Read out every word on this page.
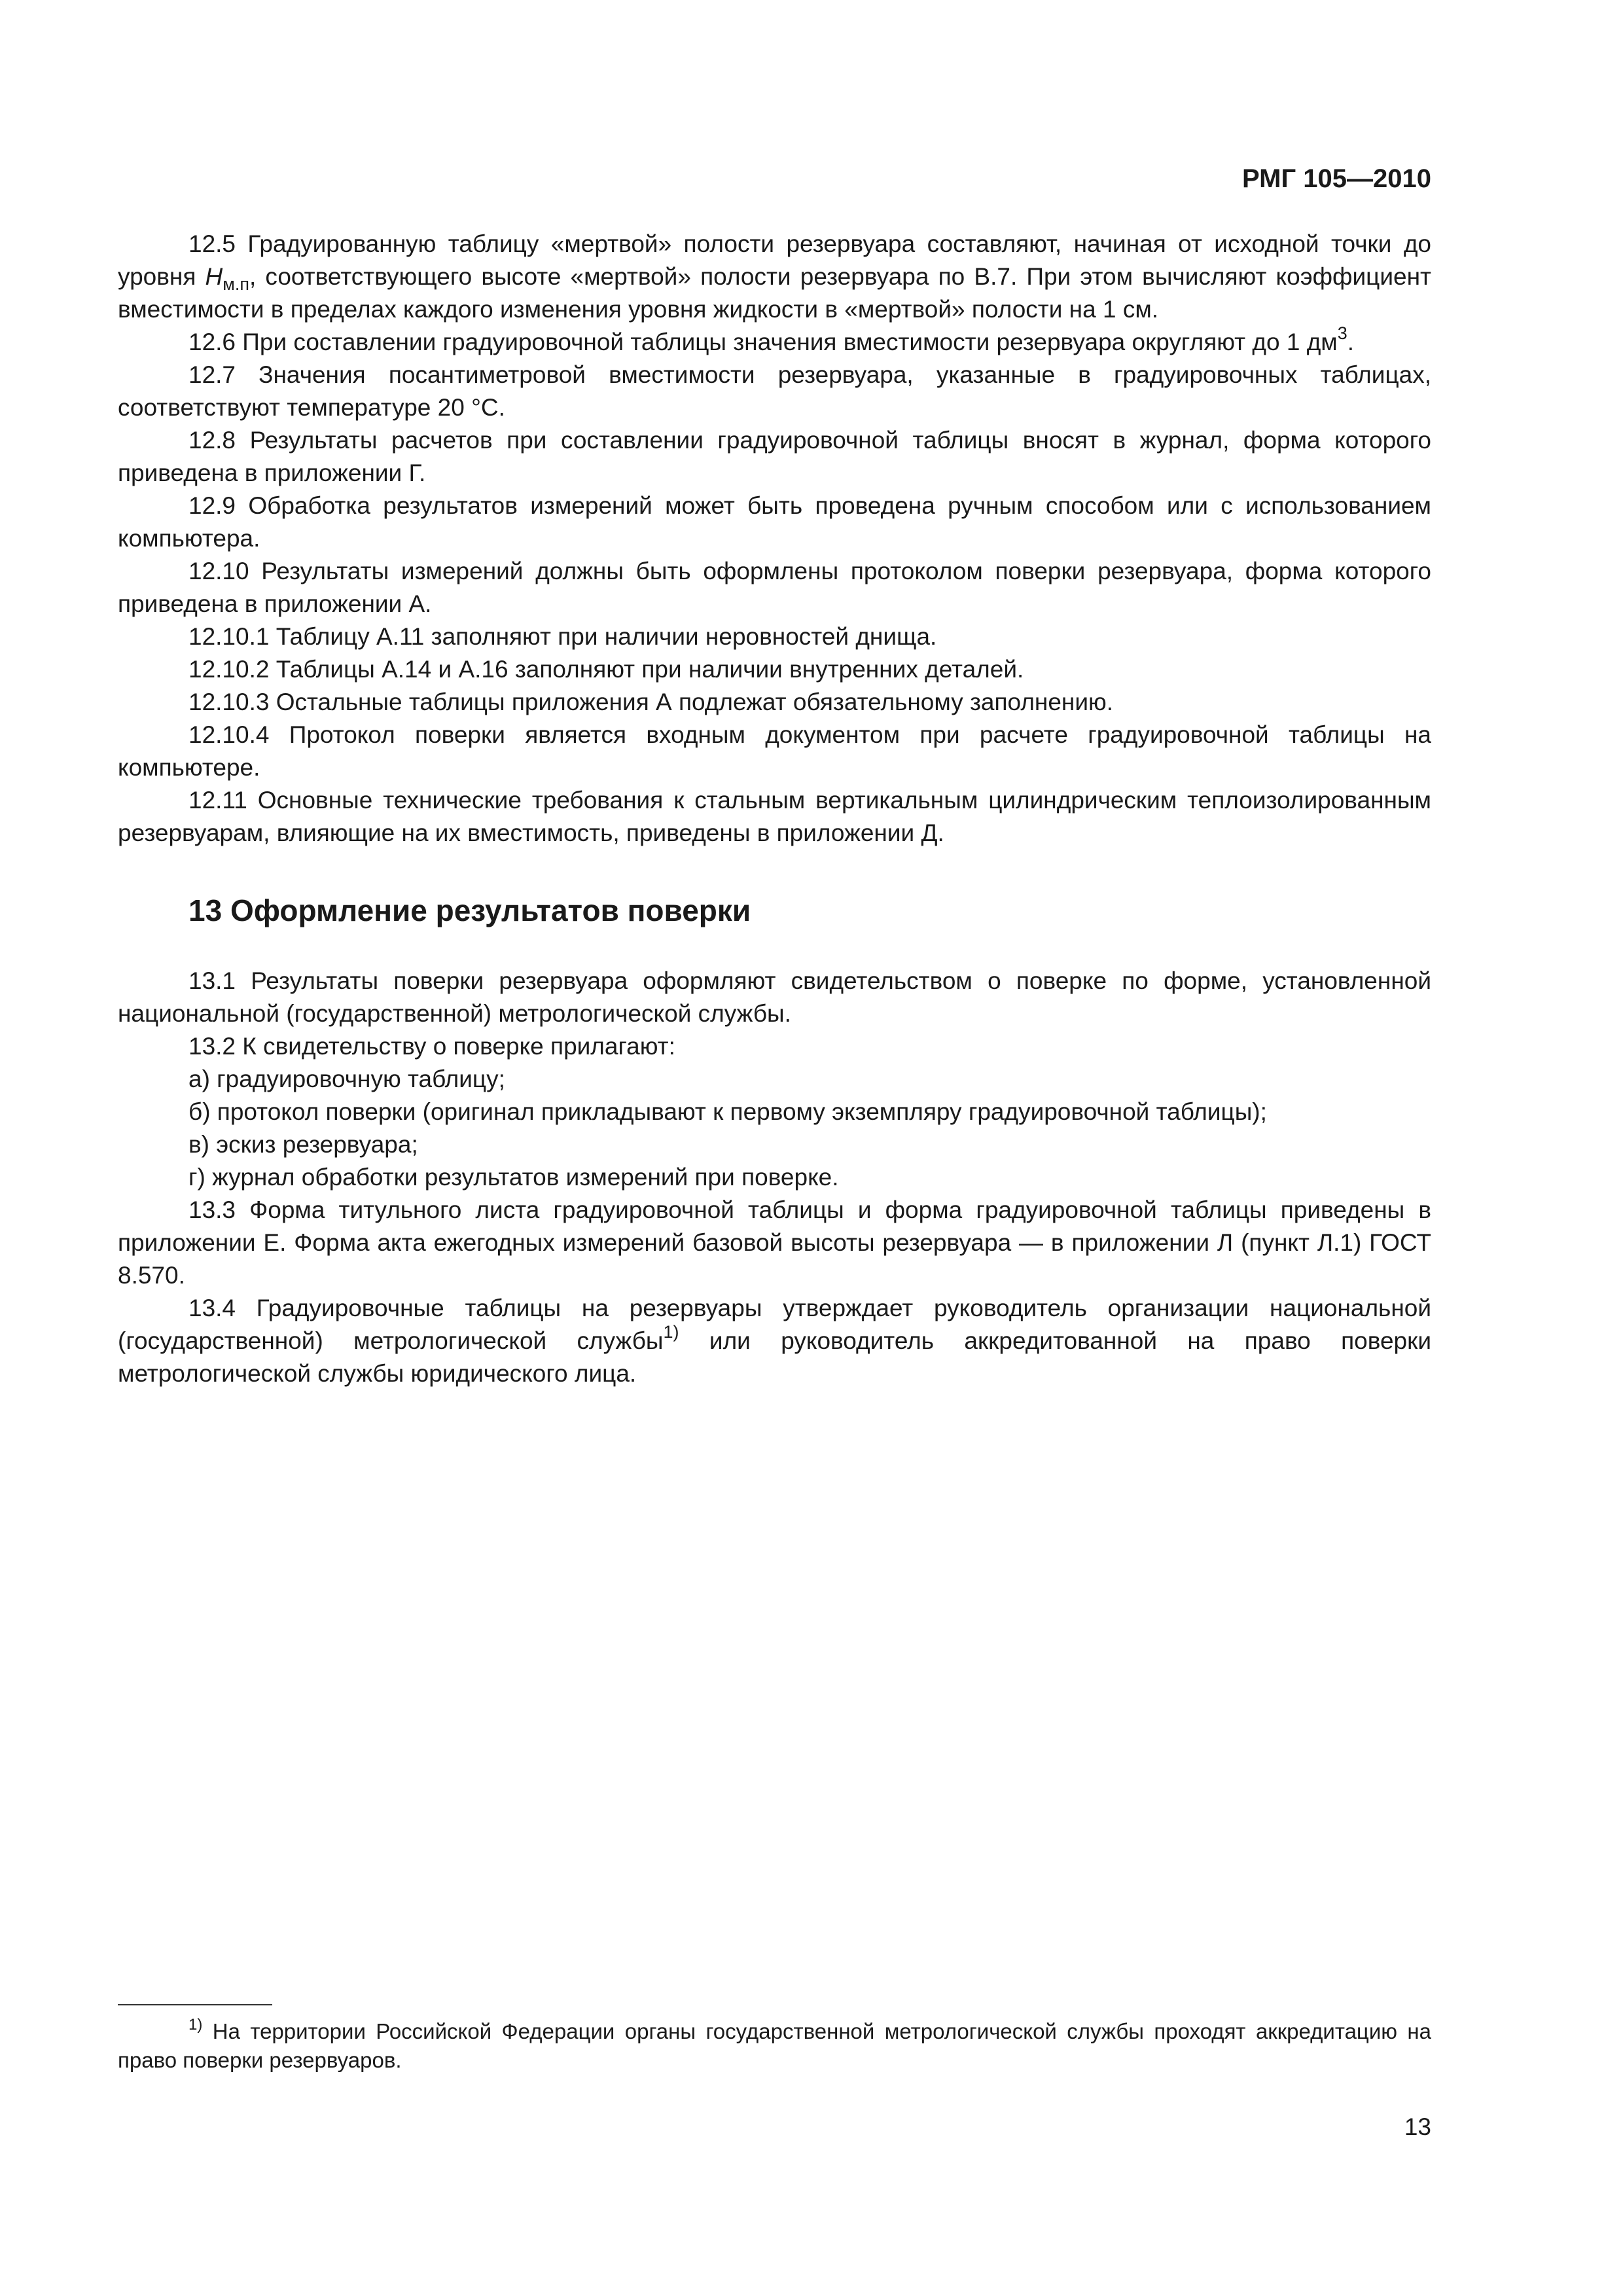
РМГ 105—2010

12.5 Градуированную таблицу «мертвой» полости резервуара составляют, начиная от исходной точки до уровня $Н_{м.п}$, соответствующего высоте «мертвой» полости резервуара по В.7. При этом вычисляют коэффициент вместимости в пределах каждого изменения уровня жидкости в «мертвой» полости на 1 см.

12.6 При составлении градуировочной таблицы значения вместимости резервуара округляют до 1 $дм^3$.

12.7 Значения посантиметровой вместимости резервуара, указанные в градуировочных таблицах, соответствуют температуре 20 °С.

12.8 Результаты расчетов при составлении градуировочной таблицы вносят в журнал, форма которого приведена в приложении Г.

12.9 Обработка результатов измерений может быть проведена ручным способом или с использованием компьютера.

12.10 Результаты измерений должны быть оформлены протоколом поверки резервуара, форма которого приведена в приложении А.

12.10.1 Таблицу А.11 заполняют при наличии неровностей днища.

12.10.2 Таблицы А.14 и А.16 заполняют при наличии внутренних деталей.

12.10.3 Остальные таблицы приложения А подлежат обязательному заполнению.

12.10.4 Протокол поверки является входным документом при расчете градуировочной таблицы на компьютере.

12.11 Основные технические требования к стальным вертикальным цилиндрическим теплоизолированным резервуарам, влияющие на их вместимость, приведены в приложении Д.

13 Оформление результатов поверки

13.1 Результаты поверки резервуара оформляют свидетельством о поверке по форме, установленной национальной (государственной) метрологической службы.

13.2 К свидетельству о поверке прилагают:

а) градуировочную таблицу;

б) протокол поверки (оригинал прикладывают к первому экземпляру градуировочной таблицы);

в) эскиз резервуара;

г) журнал обработки результатов измерений при поверке.

13.3 Форма титульного листа градуировочной таблицы и форма градуировочной таблицы приведены в приложении Е. Форма акта ежегодных измерений базовой высоты резервуара — в приложении Л (пункт Л.1) ГОСТ 8.570.

13.4 Градуировочные таблицы на резервуары утверждает руководитель организации национальной (государственной) метрологической службы$^{1)}$ или руководитель аккредитованной на право поверки метрологической службы юридического лица.

$^{1)}$ На территории Российской Федерации органы государственной метрологической службы проходят аккредитацию на право поверки резервуаров.

13
